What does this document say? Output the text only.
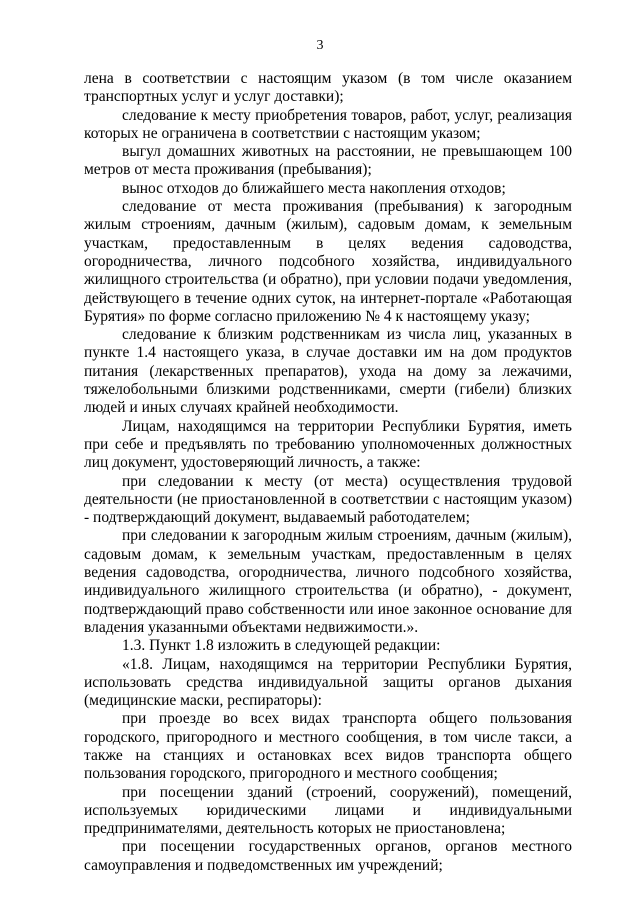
3

лена в соответствии с настоящим указом (в том числе оказанием транспортных услуг и услуг доставки);

следование к месту приобретения товаров, работ, услуг, реализация которых не ограничена в соответствии с настоящим указом;

выгул домашних животных на расстоянии, не превышающем 100 метров от места проживания (пребывания);

вынос отходов до ближайшего места накопления отходов;

следование от места проживания (пребывания) к загородным жилым строениям, дачным (жилым), садовым домам, к земельным участкам, предоставленным в целях ведения садоводства, огородничества, личного подсобного хозяйства, индивидуального жилищного строительства (и обратно), при условии подачи уведомления, действующего в течение одних суток, на интернет-портале «Работающая Бурятия» по форме согласно приложению № 4 к настоящему указу;

следование к близким родственникам из числа лиц, указанных в пункте 1.4 настоящего указа, в случае доставки им на дом продуктов питания (лекарственных препаратов), ухода на дому за лежачими, тяжелобольными близкими родственниками, смерти (гибели) близких людей и иных случаях крайней необходимости.

Лицам, находящимся на территории Республики Бурятия, иметь при себе и предъявлять по требованию уполномоченных должностных лиц документ, удостоверяющий личность, а также:

при следовании к месту (от места) осуществления трудовой деятельности (не приостановленной в соответствии с настоящим указом) - подтверждающий документ, выдаваемый работодателем;

при следовании к загородным жилым строениям, дачным (жилым), садовым домам, к земельным участкам, предоставленным в целях ведения садоводства, огородничества, личного подсобного хозяйства, индивидуального жилищного строительства (и обратно), - документ, подтверждающий право собственности или иное законное основание для владения указанными объектами недвижимости.».

1.3. Пункт 1.8 изложить в следующей редакции:

«1.8. Лицам, находящимся на территории Республики Бурятия, использовать средства индивидуальной защиты органов дыхания (медицинские маски, респираторы):

при проезде во всех видах транспорта общего пользования городского, пригородного и местного сообщения, в том числе такси, а также на станциях и остановках всех видов транспорта общего пользования городского, пригородного и местного сообщения;

при посещении зданий (строений, сооружений), помещений, используемых юридическими лицами и индивидуальными предпринимателями, деятельность которых не приостановлена;

при посещении государственных органов, органов местного самоуправления и подведомственных им учреждений;
